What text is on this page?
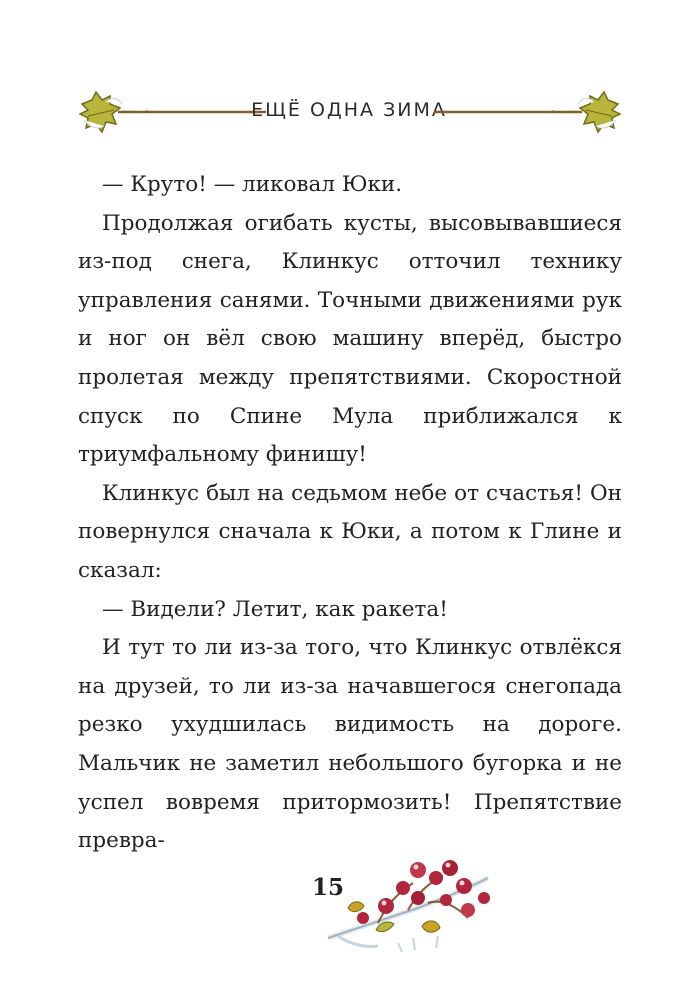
ЕЩЁ ОДНА ЗИМА

— Круто! — ликовал Юки.

Продолжая огибать кусты, высовывавшиеся из-под снега, Клинкус отточил технику управления санями. Точными движениями рук и ног он вёл свою машину вперёд, быстро пролетая между препятствиями. Скоростной спуск по Спине Мула приближался к триумфальному финишу!

Клинкус был на седьмом небе от счастья! Он повернулся сначала к Юки, а потом к Глине и сказал:

— Видели? Летит, как ракета!

И тут то ли из-за того, что Клинкус отвлёкся на друзей, то ли из-за начавшегося снегопада резко ухудшилась видимость на дороге. Мальчик не заметил небольшого бугорка и не успел вовремя притормозить! Препятствие превра-

15
